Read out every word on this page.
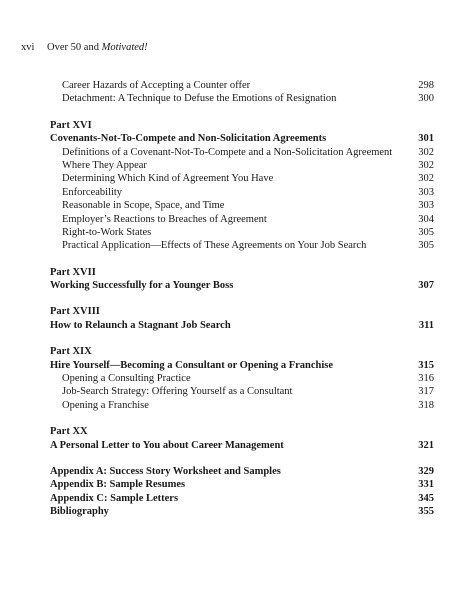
xvi Over 50 and Motivated!
Career Hazards of Accepting a Counter offer	298
Detachment: A Technique to Defuse the Emotions of Resignation	300
Part XVI
Covenants-Not-To-Compete and Non-Solicitation Agreements	301
Definitions of a Covenant-Not-To-Compete and a Non-Solicitation Agreement 302
Where They Appear	302
Determining Which Kind of Agreement You Have	302
Enforceability	303
Reasonable in Scope, Space, and Time	303
Employer’s Reactions to Breaches of Agreement	304
Right-to-Work States	305
Practical Application—Effects of These Agreements on Your Job Search	305
Part XVII
Working Successfully for a Younger Boss	307
Part XVIII
How to Relaunch a Stagnant Job Search	311
Part XIX
Hire Yourself—Becoming a Consultant or Opening a Franchise	315
Opening a Consulting Practice	316
Job-Search Strategy: Offering Yourself as a Consultant	317
Opening a Franchise	318
Part XX
A Personal Letter to You about Career Management	321
Appendix A: Success Story Worksheet and Samples	329
Appendix B: Sample Resumes	331
Appendix C: Sample Letters	345
Bibliography	355
